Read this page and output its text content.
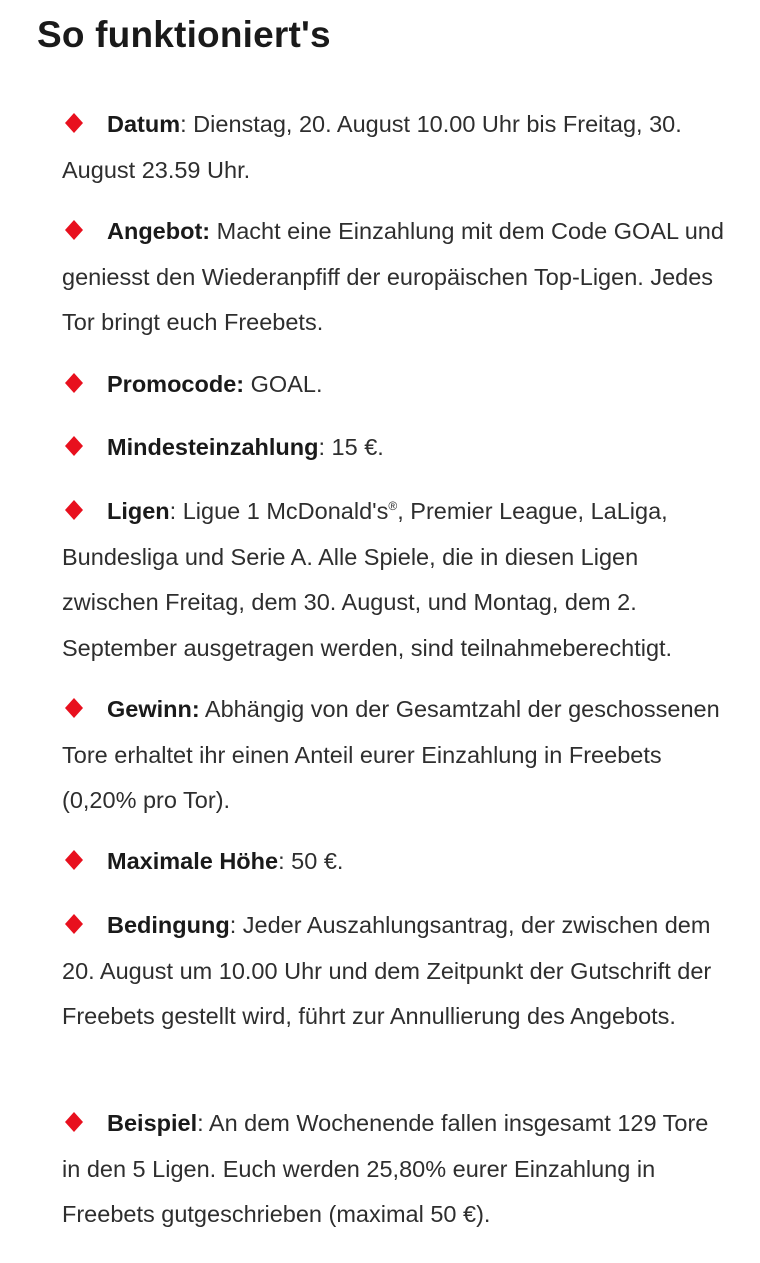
So funktioniert's

Datum: Dienstag, 20. August 10.00 Uhr bis Freitag, 30. August 23.59 Uhr.

Angebot: Macht eine Einzahlung mit dem Code GOAL und geniesst den Wiederanpfiff der europäischen Top-Ligen. Jedes Tor bringt euch Freebets.

Promocode: GOAL.

Mindesteinzahlung: 15 €.

Ligen: Ligue 1 McDonald's®, Premier League, LaLiga, Bundesliga und Serie A. Alle Spiele, die in diesen Ligen zwischen Freitag, dem 30. August, und Montag, dem 2. September ausgetragen werden, sind teilnahmeberechtigt.

Gewinn: Abhängig von der Gesamtzahl der geschossenen Tore erhaltet ihr einen Anteil eurer Einzahlung in Freebets (0,20% pro Tor).

Maximale Höhe: 50 €.

Bedingung: Jeder Auszahlungsantrag, der zwischen dem 20. August um 10.00 Uhr und dem Zeitpunkt der Gutschrift der Freebets gestellt wird, führt zur Annullierung des Angebots.

Beispiel: An dem Wochenende fallen insgesamt 129 Tore in den 5 Ligen. Euch werden 25,80% eurer Einzahlung in Freebets gutgeschrieben (maximal 50 €).
